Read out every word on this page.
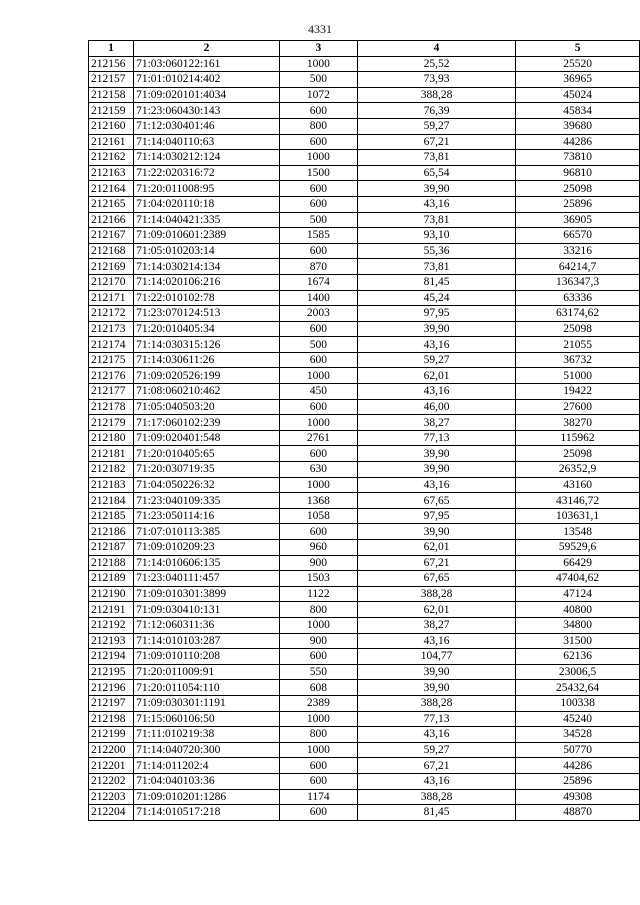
4331
1	2	3	4	5
212156	71:03:060122:161	1000	25,52	25520
212157	71:01:010214:402	500	73,93	36965
212158	71:09:020101:4034	1072	388,28	45024
212159	71:23:060430:143	600	76,39	45834
212160	71:12:030401:46	800	59,27	39680
212161	71:14:040110:63	600	67,21	44286
212162	71:14:030212:124	1000	73,81	73810
212163	71:22:020316:72	1500	65,54	96810
212164	71:20:011008:95	600	39,90	25098
212165	71:04:020110:18	600	43,16	25896
212166	71:14:040421:335	500	73,81	36905
212167	71:09:010601:2389	1585	93,10	66570
212168	71:05:010203:14	600	55,36	33216
212169	71:14:030214:134	870	73,81	64214,7
212170	71:14:020106:216	1674	81,45	136347,3
212171	71:22:010102:78	1400	45,24	63336
212172	71:23:070124:513	2003	97,95	63174,62
212173	71:20:010405:34	600	39,90	25098
212174	71:14:030315:126	500	43,16	21055
212175	71:14:030611:26	600	59,27	36732
212176	71:09:020526:199	1000	62,01	51000
212177	71:08:060210:462	450	43,16	19422
212178	71:05:040503:20	600	46,00	27600
212179	71:17:060102:239	1000	38,27	38270
212180	71:09:020401:548	2761	77,13	115962
212181	71:20:010405:65	600	39,90	25098
212182	71:20:030719:35	630	39,90	26352,9
212183	71:04:050226:32	1000	43,16	43160
212184	71:23:040109:335	1368	67,65	43146,72
212185	71:23:050114:16	1058	97,95	103631,1
212186	71:07:010113:385	600	39,90	13548
212187	71:09:010209:23	960	62,01	59529,6
212188	71:14:010606:135	900	67,21	66429
212189	71:23:040111:457	1503	67,65	47404,62
212190	71:09:010301:3899	1122	388,28	47124
212191	71:09:030410:131	800	62,01	40800
212192	71:12:060311:36	1000	38,27	34800
212193	71:14:010103:287	900	43,16	31500
212194	71:09:010110:208	600	104,77	62136
212195	71:20:011009:91	550	39,90	23006,5
212196	71:20:011054:110	608	39,90	25432,64
212197	71:09:030301:1191	2389	388,28	100338
212198	71:15:060106:50	1000	77,13	45240
212199	71:11:010219:38	800	43,16	34528
212200	71:14:040720:300	1000	59,27	50770
212201	71:14:011202:4	600	67,21	44286
212202	71:04:040103:36	600	43,16	25896
212203	71:09:010201:1286	1174	388,28	49308
212204	71:14:010517:218	600	81,45	48870
